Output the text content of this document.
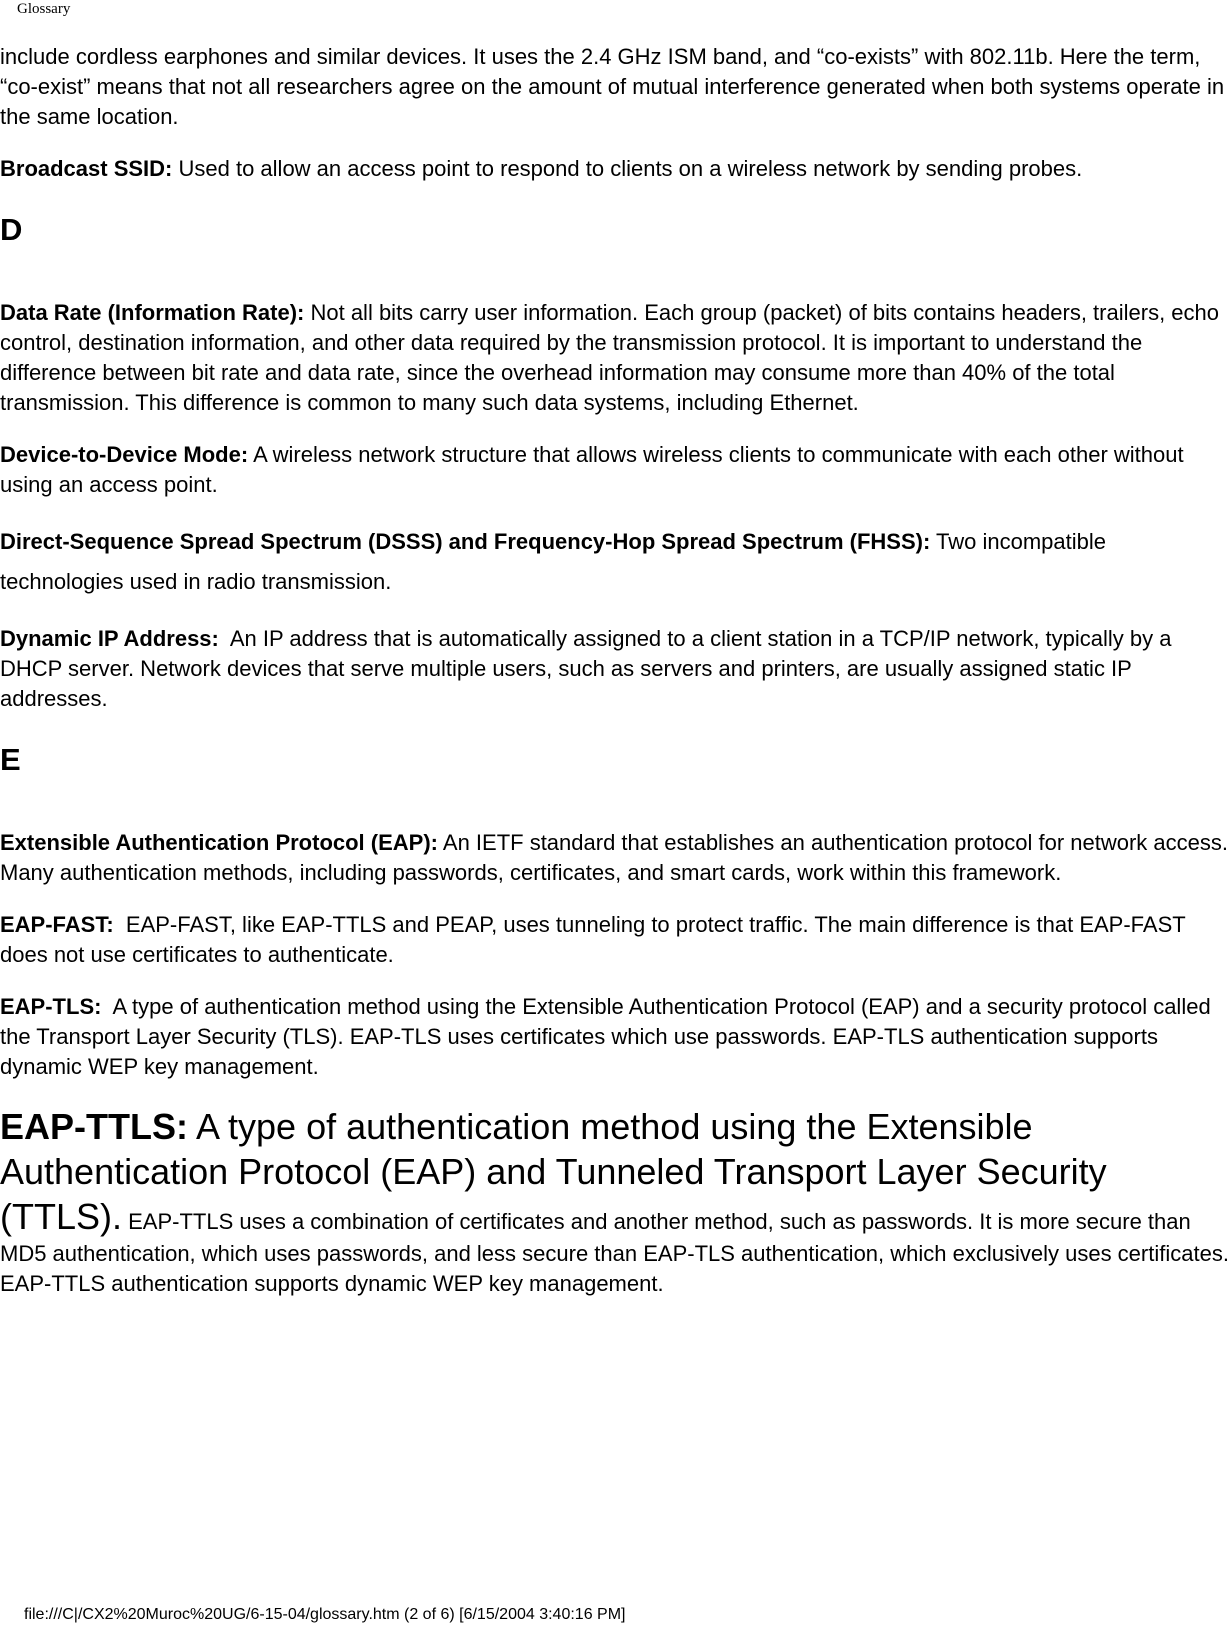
Glossary

include cordless earphones and similar devices. It uses the 2.4 GHz ISM band, and “co-exists” with 802.11b. Here the term, “co-exist” means that not all researchers agree on the amount of mutual interference generated when both systems operate in the same location.

Broadcast SSID: Used to allow an access point to respond to clients on a wireless network by sending probes.

D

Data Rate (Information Rate): Not all bits carry user information. Each group (packet) of bits contains headers, trailers, echo control, destination information, and other data required by the transmission protocol. It is important to understand the difference between bit rate and data rate, since the overhead information may consume more than 40% of the total transmission. This difference is common to many such data systems, including Ethernet.

Device-to-Device Mode: A wireless network structure that allows wireless clients to communicate with each other without using an access point.

Direct-Sequence Spread Spectrum (DSSS) and Frequency-Hop Spread Spectrum (FHSS): Two incompatible technologies used in radio transmission.

Dynamic IP Address:  An IP address that is automatically assigned to a client station in a TCP/IP network, typically by a DHCP server. Network devices that serve multiple users, such as servers and printers, are usually assigned static IP addresses.

E

Extensible Authentication Protocol (EAP): An IETF standard that establishes an authentication protocol for network access. Many authentication methods, including passwords, certificates, and smart cards, work within this framework.

EAP-FAST:  EAP-FAST, like EAP-TTLS and PEAP, uses tunneling to protect traffic. The main difference is that EAP-FAST does not use certificates to authenticate.

EAP-TLS:  A type of authentication method using the Extensible Authentication Protocol (EAP) and a security protocol called the Transport Layer Security (TLS). EAP-TLS uses certificates which use passwords. EAP-TLS authentication supports dynamic WEP key management.

EAP-TTLS: A type of authentication method using the Extensible Authentication Protocol (EAP) and Tunneled Transport Layer Security (TTLS). EAP-TTLS uses a combination of certificates and another method, such as passwords. It is more secure than MD5 authentication, which uses passwords, and less secure than EAP-TLS authentication, which exclusively uses certificates. EAP-TTLS authentication supports dynamic WEP key management.

file:///C|/CX2%20Muroc%20UG/6-15-04/glossary.htm (2 of 6) [6/15/2004 3:40:16 PM]
